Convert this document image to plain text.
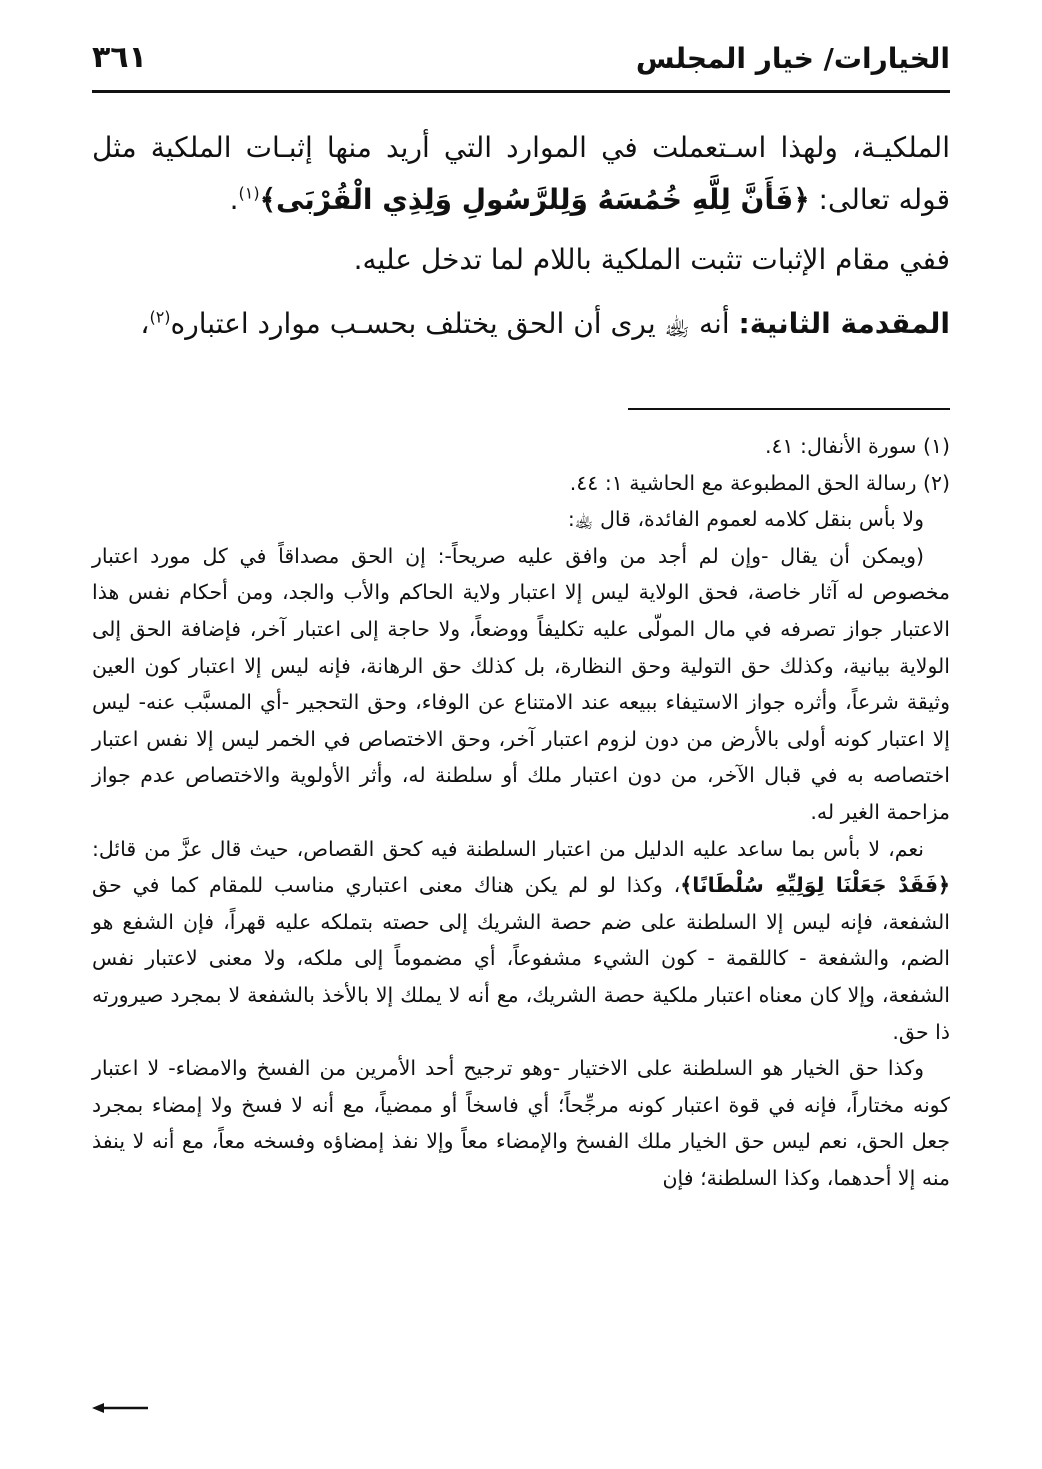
الخيارات/ خيار المجلس
٣٦١

الملكيـة، ولهذا اسـتعملت في الموارد التي أريد منها إثبـات الملكية مثل قوله تعالى: ﴿فَأَنَّ لِلَّهِ خُمُسَهُ وَلِلرَّسُولِ وَلِذِي الْقُرْبَى﴾$^{(١)}$.

ففي مقام الإثبات تثبت الملكية باللام لما تدخل عليه.

المقدمة الثانية: أنه ﵀ يرى أن الحق يختلف بحسـب موارد اعتباره$^{(٢)}$،

(١) سورة الأنفال: ٤١.

(٢) رسالة الحق المطبوعة مع الحاشية ١: ٤٤.

ولا بأس بنقل كلامه لعموم الفائدة، قال ﵀:

(ويمكن أن يقال -وإن لم أجد من وافق عليه صريحاً-: إن الحق مصداقاً في كل مورد اعتبار مخصوص له آثار خاصة، فحق الولاية ليس إلا اعتبار ولاية الحاكم والأب والجد، ومن أحكام نفس هذا الاعتبار جواز تصرفه في مال المولّى عليه تكليفاً ووضعاً، ولا حاجة إلى اعتبار آخر، فإضافة الحق إلى الولاية بيانية، وكذلك حق التولية وحق النظارة، بل كذلك حق الرهانة، فإنه ليس إلا اعتبار كون العين وثيقة شرعاً، وأثره جواز الاستيفاء ببيعه عند الامتناع عن الوفاء، وحق التحجير -أي المسبَّب عنه- ليس إلا اعتبار كونه أولى بالأرض من دون لزوم اعتبار آخر، وحق الاختصاص في الخمر ليس إلا نفس اعتبار اختصاصه به في قبال الآخر، من دون اعتبار ملك أو سلطنة له، وأثر الأولوية والاختصاص عدم جواز مزاحمة الغير له.

نعم، لا بأس بما ساعد عليه الدليل من اعتبار السلطنة فيه كحق القصاص، حيث قال عزَّ من قائل: ﴿فَقَدْ جَعَلْنَا لِوَلِيِّهِ سُلْطَانًا﴾، وكذا لو لم يكن هناك معنى اعتباري مناسب للمقام كما في حق الشفعة، فإنه ليس إلا السلطنة على ضم حصة الشريك إلى حصته بتملكه عليه قهراً، فإن الشفع هو الضم، والشفعة - كاللقمة - كون الشيء مشفوعاً، أي مضموماً إلى ملكه، ولا معنى لاعتبار نفس الشفعة، وإلا كان معناه اعتبار ملكية حصة الشريك، مع أنه لا يملك إلا بالأخذ بالشفعة لا بمجرد صيرورته ذا حق.

وكذا حق الخيار هو السلطنة على الاختيار -وهو ترجيح أحد الأمرين من الفسخ والامضاء- لا اعتبار كونه مختاراً، فإنه في قوة اعتبار كونه مرجِّحاً؛ أي فاسخاً أو ممضياً، مع أنه لا فسخ ولا إمضاء بمجرد جعل الحق، نعم ليس حق الخيار ملك الفسخ والإمضاء معاً وإلا نفذ إمضاؤه وفسخه معاً، مع أنه لا ينفذ منه إلا أحدهما، وكذا السلطنة؛ فإن
